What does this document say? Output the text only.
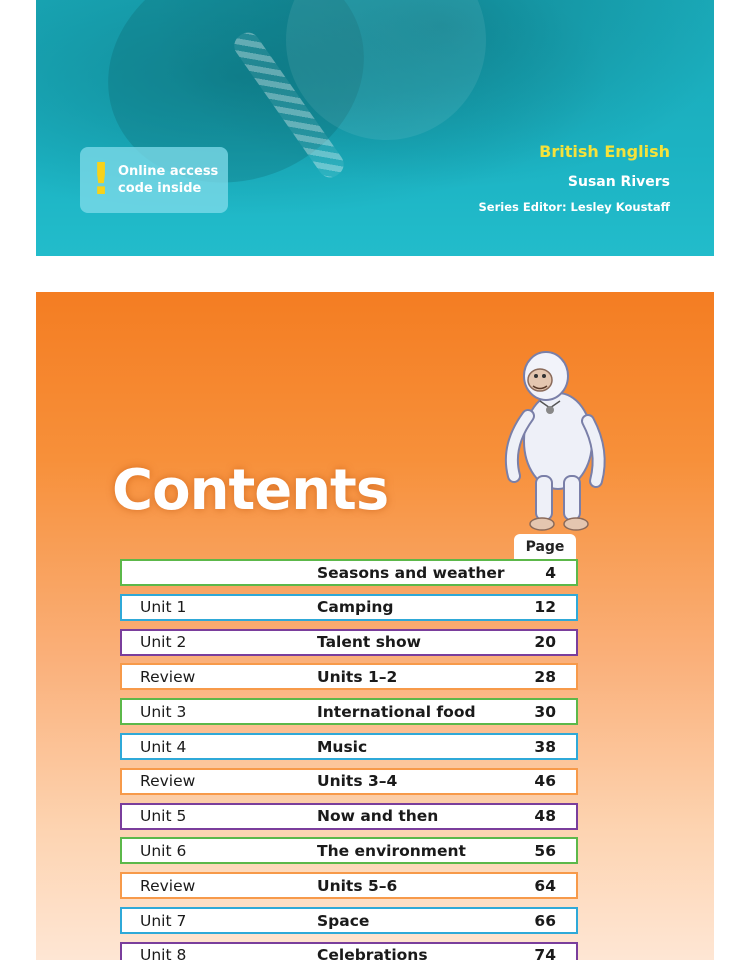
! Online access
code inside
British English
Susan Rivers
Series Editor: Lesley Koustaff
Contents
Page
Seasons and weather	4
Unit 1	Camping	12
Unit 2	Talent show	20
Review	Units 1–2	28
Unit 3	International food	30
Unit 4	Music	38
Review	Units 3–4	46
Unit 5	Now and then	48
Unit 6	The environment	56
Review	Units 5–6	64
Unit 7	Space	66
Unit 8	Celebrations	74
